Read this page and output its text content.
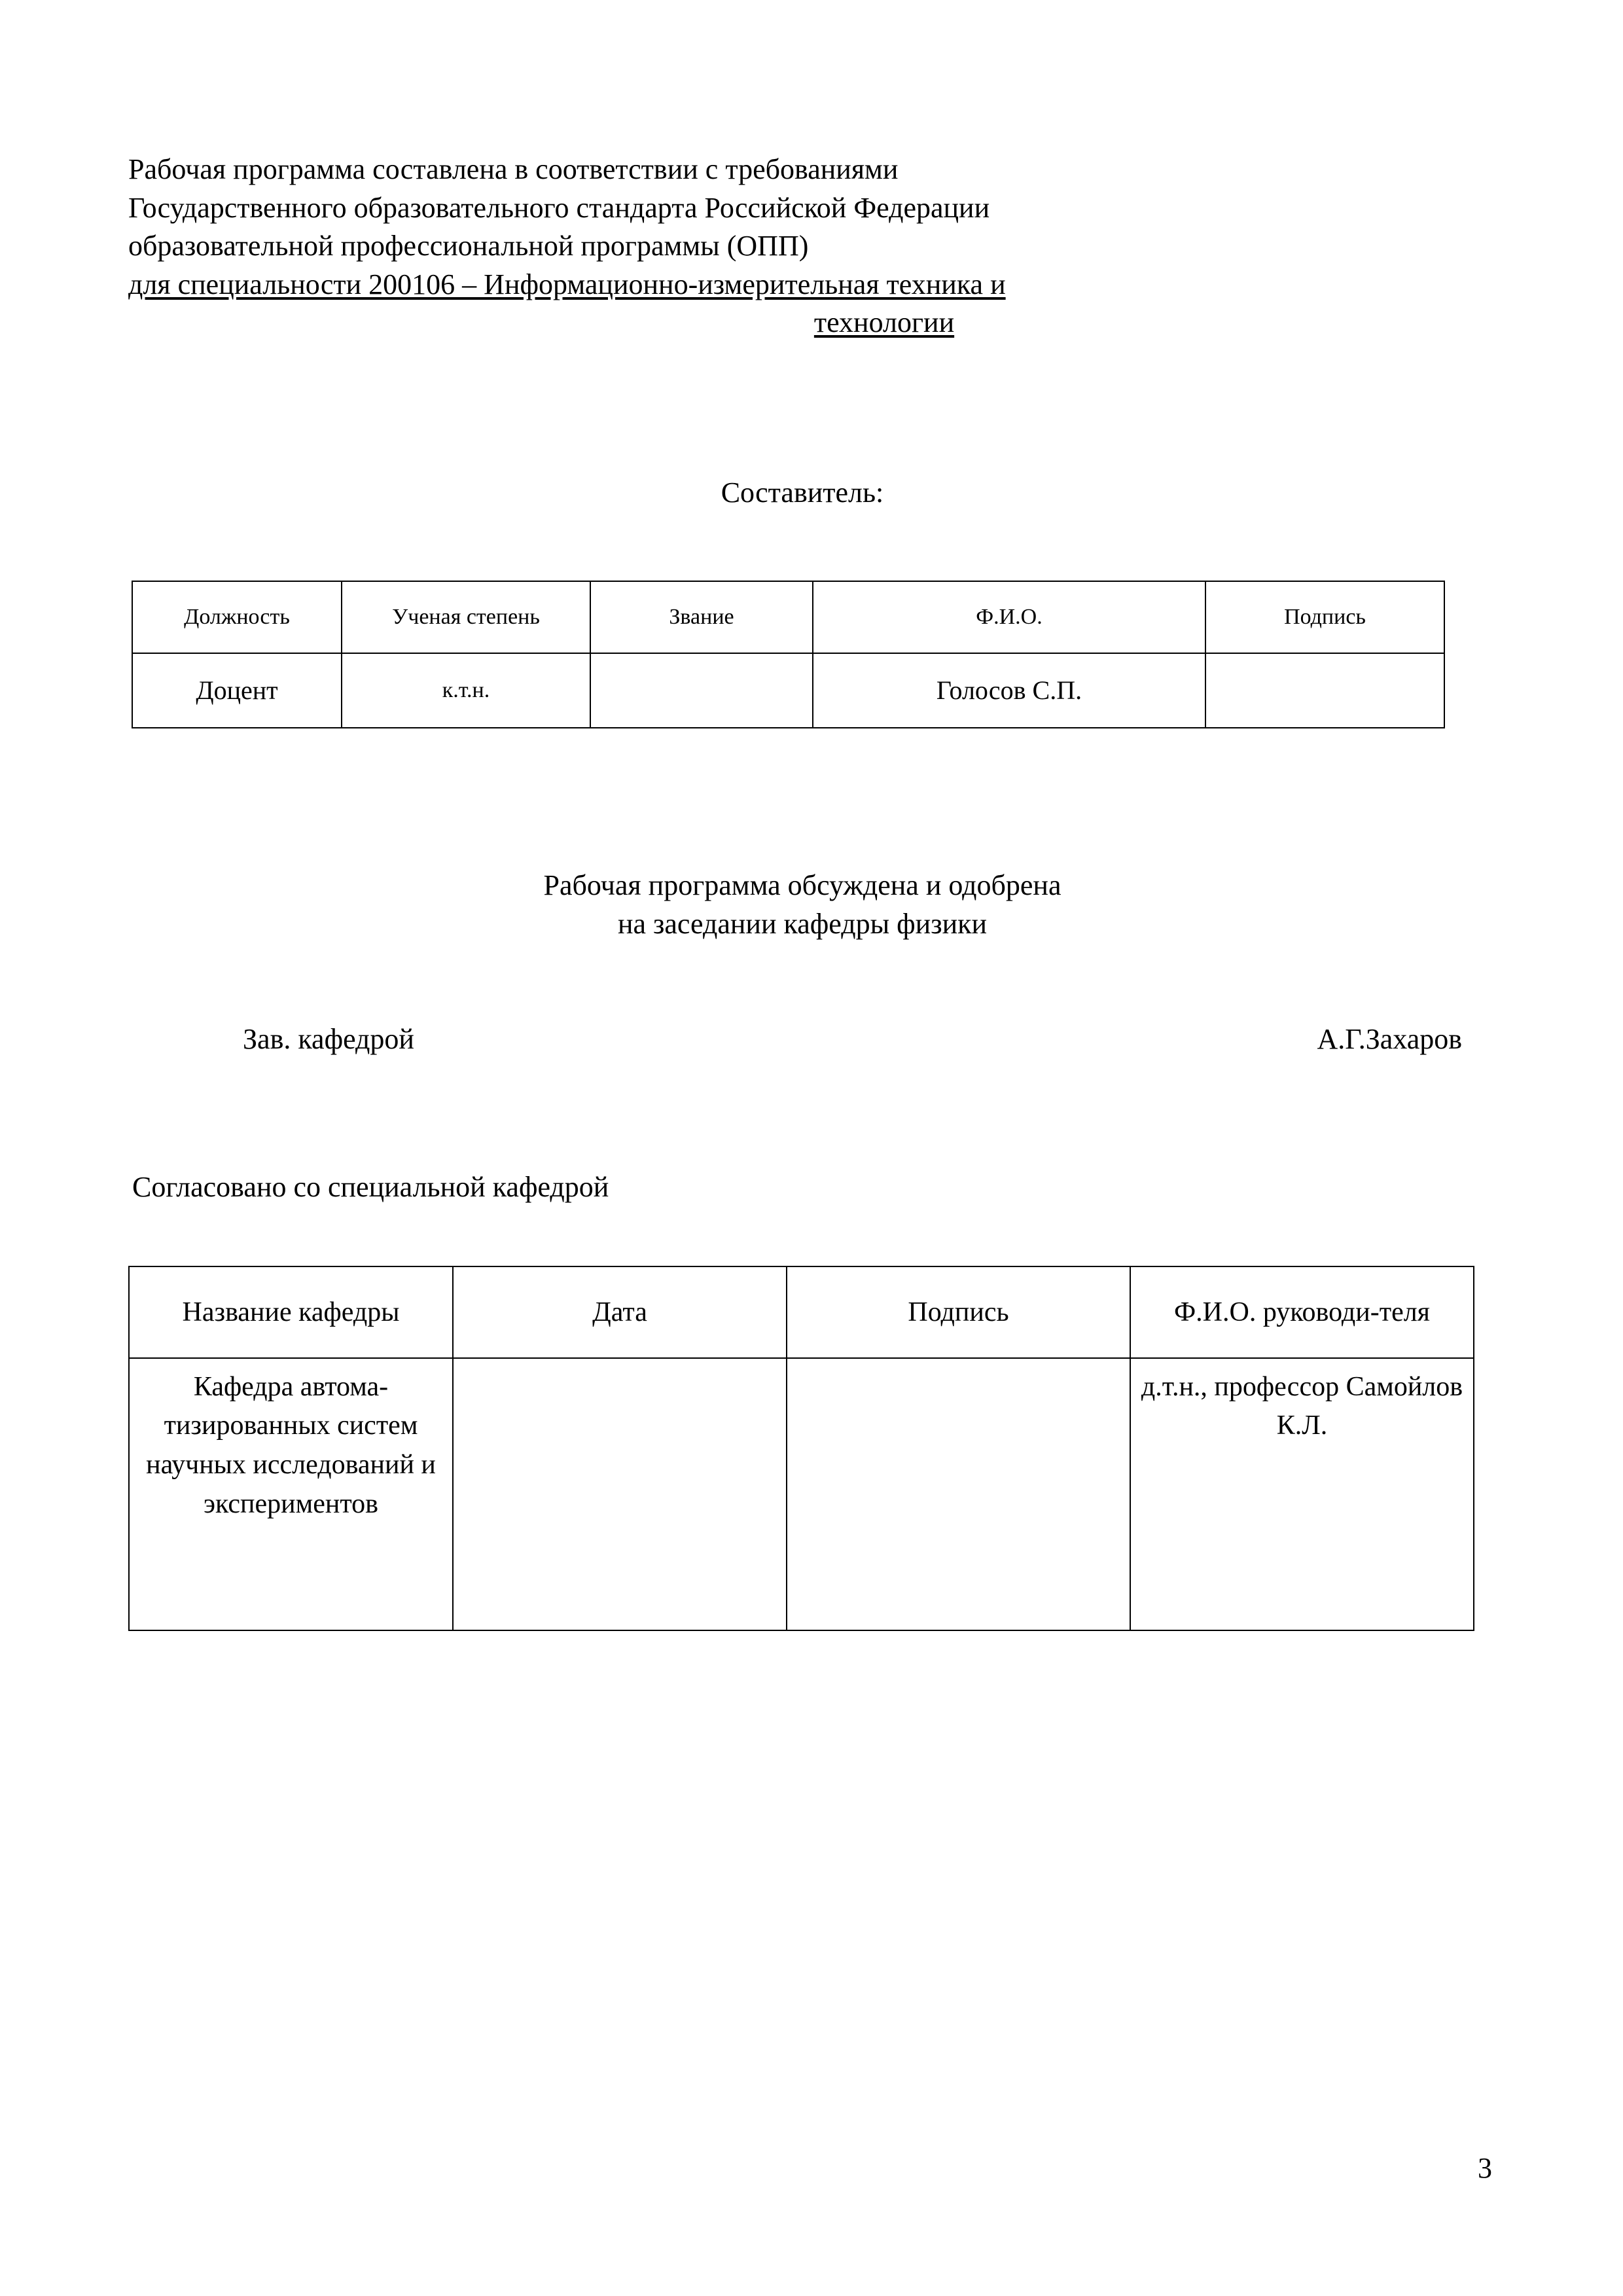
Рабочая программа составлена в соответствии с требованиями
Государственного образовательного стандарта Российской Федерации
образовательной профессиональной программы (ОПП)
для специальности 200106 – Информационно-измерительная техника и
технологии
Составитель:
Должность	Ученая степень	Звание	Ф.И.О.	Подпись
Доцент	к.т.н.		Голосов С.П.	
Рабочая программа обсуждена и одобрена
на заседании кафедры физики
Зав. кафедрой	А.Г.Захаров
Согласовано со специальной кафедрой
Название кафедры	Дата	Подпись	Ф.И.О. руководи-теля
Кафедра автома-тизированных систем научных исследований и экспериментов			д.т.н., профессор Самойлов К.Л.
3
